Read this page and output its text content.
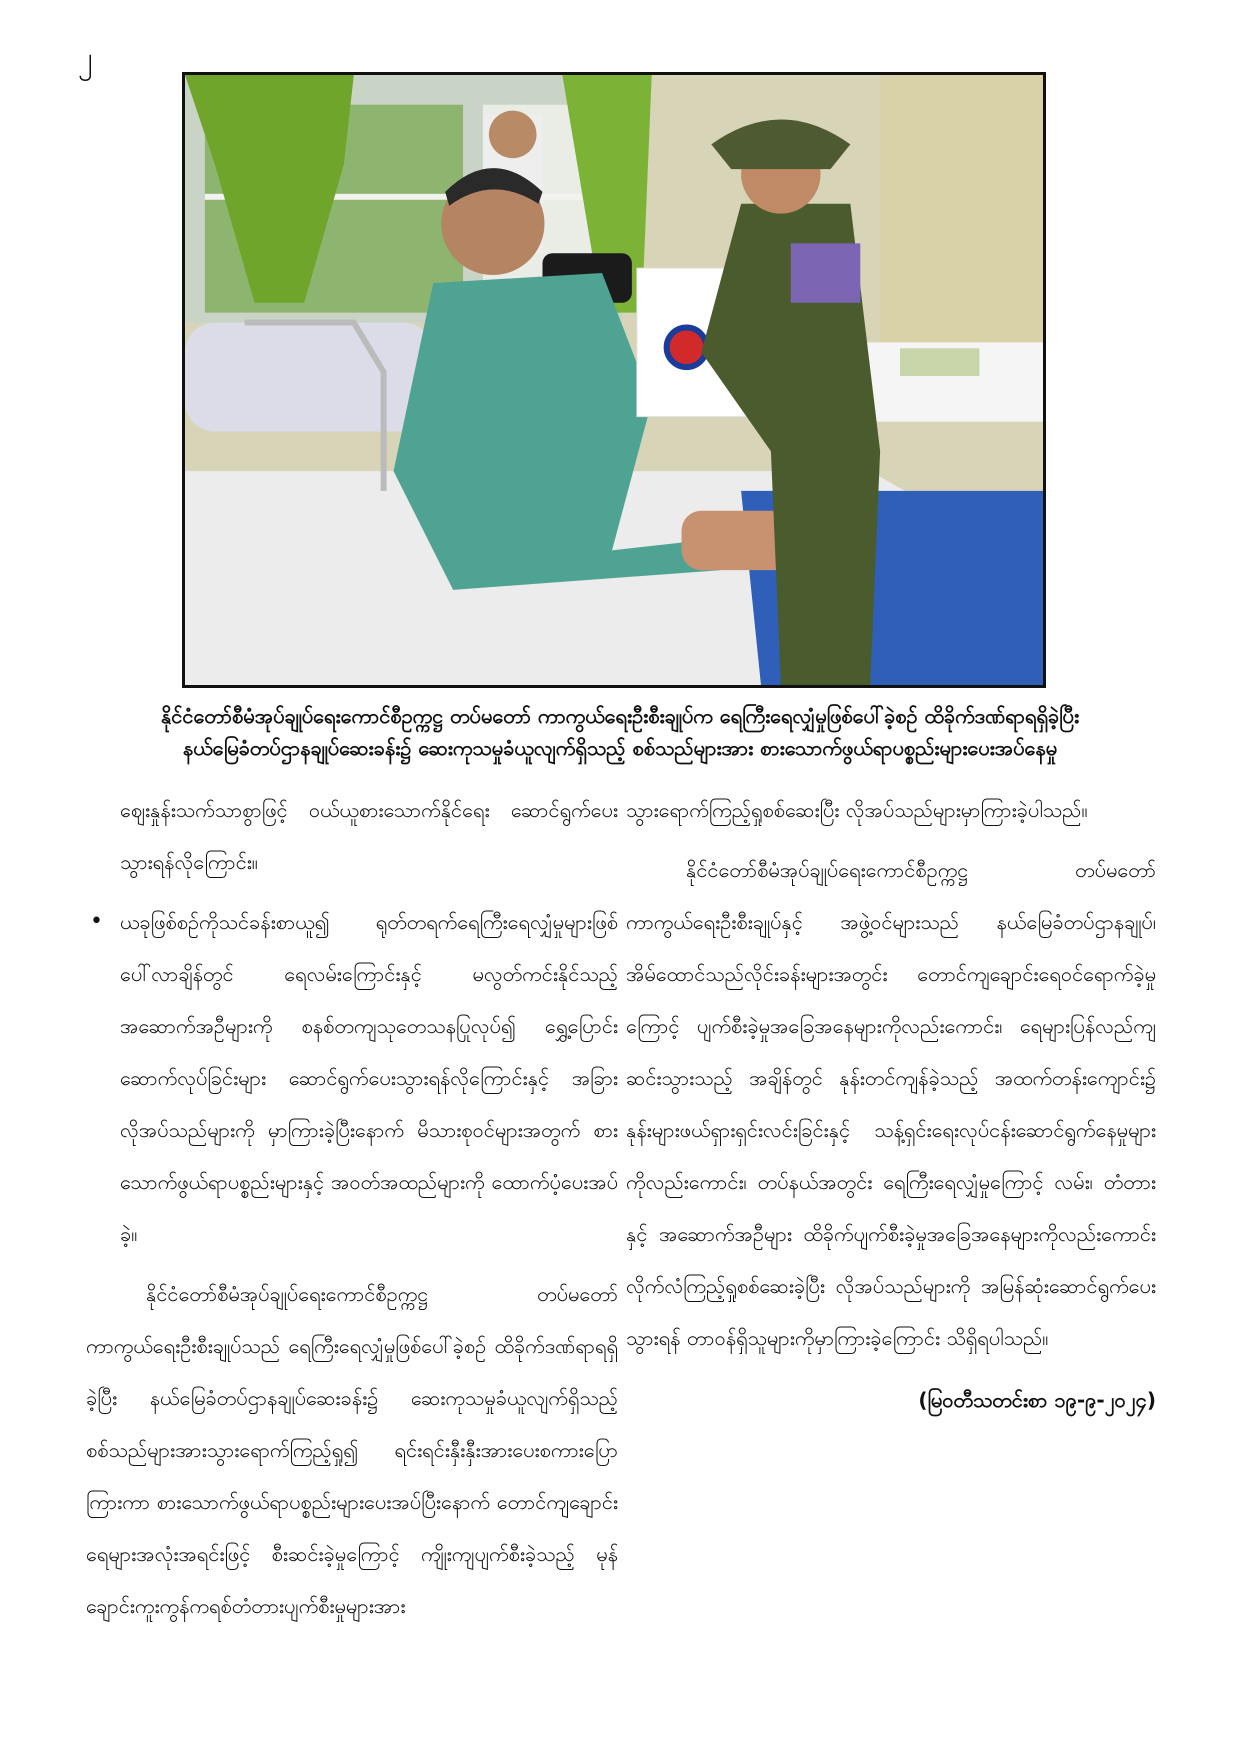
၂
နိုင်ငံတော်စီမံအုပ်ချုပ်ရေးကောင်စီဥက္ကဋ္ဌ တပ်မတော် ကာကွယ်ရေးဦးစီးချုပ်က ရေကြီးရေလျှံမှုဖြစ်ပေါ်ခဲ့စဉ် ထိခိုက်ဒဏ်ရာရရှိခဲ့ပြီး
နယ်မြေခံတပ်ဌာနချုပ်ဆေးခန်း၌ ဆေးကုသမှုခံယူလျက်ရှိသည့် စစ်သည်များအား စားသောက်ဖွယ်ရာပစ္စည်းများပေးအပ်နေမှု

ဈေးနှုန်းသက်သာစွာဖြင့် ဝယ်ယူစားသောက်နိုင်ရေး ဆောင်ရွက်ပေးသွားရန်လိုကြောင်း။

• ယခုဖြစ်စဉ်ကိုသင်ခန်းစာယူ၍ ရုတ်တရက်ရေကြီးရေလျှံမှုများဖြစ်ပေါ်လာချိန်တွင် ရေလမ်းကြောင်းနှင့် မလွတ်ကင်းနိုင်သည့်အဆောက်အဦများကို စနစ်တကျသုတေသနပြုလုပ်၍ ရွှေ့ပြောင်းဆောက်လုပ်ခြင်းများ ဆောင်ရွက်ပေးသွားရန်လိုကြောင်းနှင့် အခြားလိုအပ်သည်များကို မှာကြားခဲ့ပြီးနောက် မိသားစုဝင်များအတွက် စားသောက်ဖွယ်ရာပစ္စည်းများနှင့် အဝတ်အထည်များကို ထောက်ပံ့ပေးအပ်ခဲ့။

နိုင်ငံတော်စီမံအုပ်ချုပ်ရေးကောင်စီဥက္ကဋ္ဌ တပ်မတော် ကာကွယ်ရေးဦးစီးချုပ်သည် ရေကြီးရေလျှံမှုဖြစ်ပေါ်ခဲ့စဉ် ထိခိုက်ဒဏ်ရာရရှိခဲ့ပြီး နယ်မြေခံတပ်ဌာနချုပ်ဆေးခန်း၌ ဆေးကုသမှုခံယူလျက်ရှိသည့် စစ်သည်များအားသွားရောက်ကြည့်ရှု၍ ရင်းရင်းနှီးနှီးအားပေးစကားပြောကြားကာ စားသောက်ဖွယ်ရာပစ္စည်းများပေးအပ်ပြီးနောက် တောင်ကျချောင်းရေများအလုံးအရင်းဖြင့် စီးဆင်းခဲ့မှုကြောင့် ကျိုးကျပျက်စီးခဲ့သည့် မုန်ချောင်းကူးကွန်ကရစ်တံတားပျက်စီးမှုများအား

သွားရောက်ကြည့်ရှုစစ်ဆေးပြီး လိုအပ်သည်များမှာကြားခဲ့ပါသည်။

နိုင်ငံတော်စီမံအုပ်ချုပ်ရေးကောင်စီဥက္ကဋ္ဌ တပ်မတော် ကာကွယ်ရေးဦးစီးချုပ်နှင့် အဖွဲ့ဝင်များသည် နယ်မြေခံတပ်ဌာနချုပ်၊ အိမ်ထောင်သည်လိုင်းခန်းများအတွင်း တောင်ကျချောင်းရေဝင်ရောက်ခဲ့မှုကြောင့် ပျက်စီးခဲ့မှုအခြေအနေများကိုလည်းကောင်း၊ ရေများပြန်လည်ကျဆင်းသွားသည့် အချိန်တွင် နုန်းတင်ကျန်ခဲ့သည့် အထက်တန်းကျောင်း၌ နုန်းများဖယ်ရှားရှင်းလင်းခြင်းနှင့် သန့်ရှင်းရေးလုပ်ငန်းဆောင်ရွက်နေမှုများကိုလည်းကောင်း၊ တပ်နယ်အတွင်း ရေကြီးရေလျှံမှုကြောင့် လမ်း၊ တံတားနှင့် အဆောက်အဦများ ထိခိုက်ပျက်စီးခဲ့မှုအခြေအနေများကိုလည်းကောင်း လိုက်လံကြည့်ရှုစစ်ဆေးခဲ့ပြီး လိုအပ်သည်များကို အမြန်ဆုံးဆောင်ရွက်ပေးသွားရန် တာဝန်ရှိသူများကိုမှာကြားခဲ့ကြောင်း သိရှိရပါသည်။

(မြဝတီသတင်းစာ ၁၉-၉-၂၀၂၄)
